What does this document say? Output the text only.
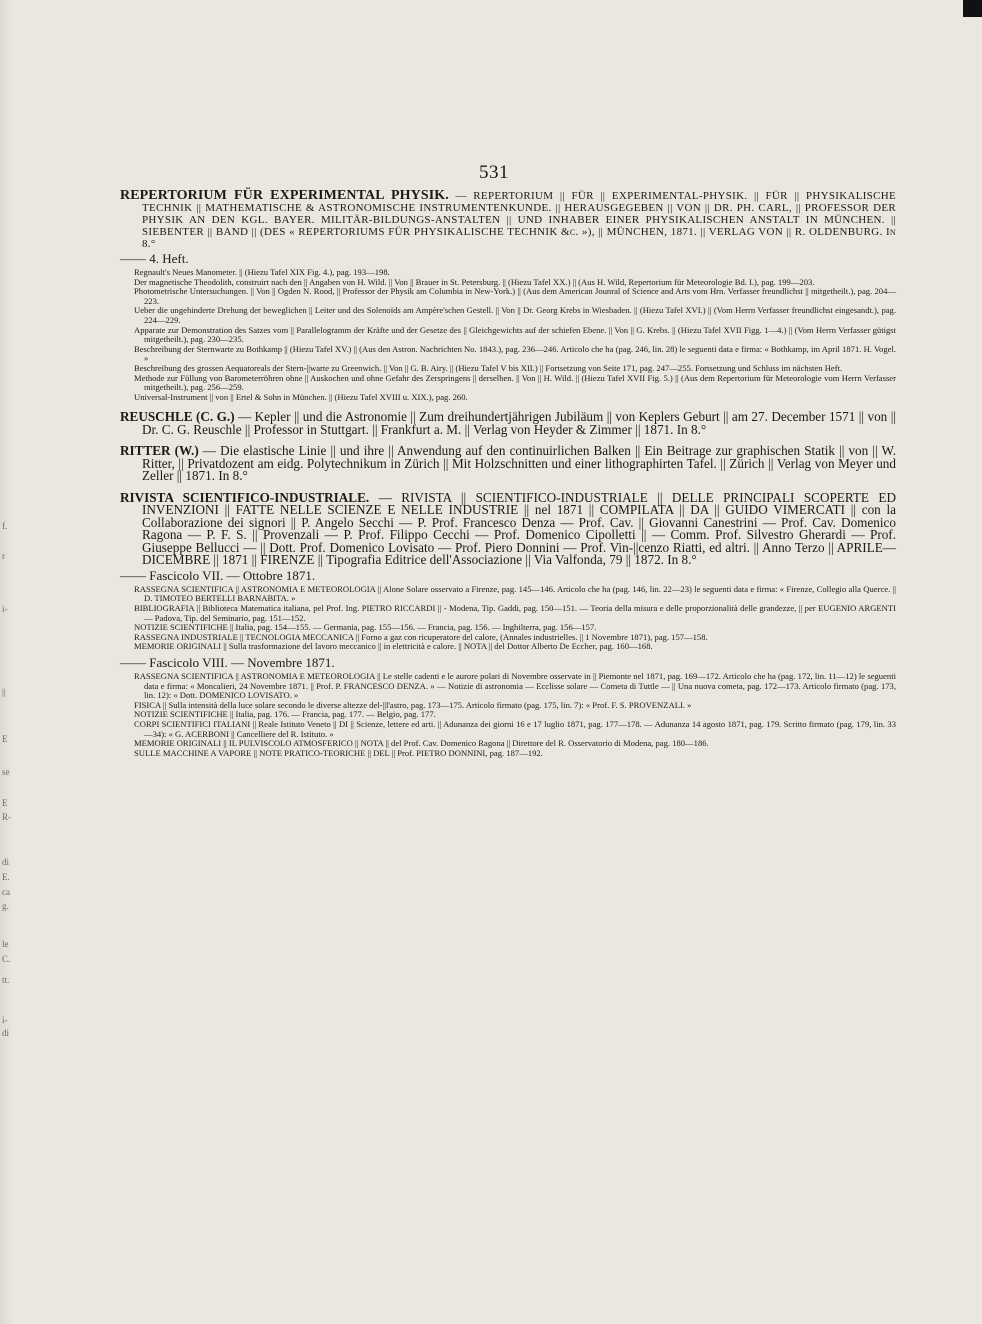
f.
r
i-
||
E
se
E
R-
di
E.
ca
g.
le
C.
tt.
i-
di
531

REPERTORIUM FÜR EXPERIMENTAL PHYSIK. — REPERTORIUM || FÜR || EXPERIMENTAL-PHYSIK. || FÜR || PHYSIKALISCHE TECHNIK || MATHEMATISCHE & ASTRONOMISCHE INSTRUMENTENKUNDE. || HERAUSGEGEBEN || VON || DR. PH. CARL, || PROFESSOR DER PHYSIK AN DEN KGL. BAYER. MILITÄR-BILDUNGS-ANSTALTEN || UND INHABER EINER PHYSIKALISCHEN ANSTALT IN MÜNCHEN. || SIEBENTER || BAND || (DES « REPERTORIUMS FÜR PHYSIKALISCHE TECHNIK &c. »), || MÜNCHEN, 1871. || VERLAG VON || R. OLDENBURG. In 8.°

—— 4. Heft.

Regnault's Neues Manometer. || (Hiezu Tafel XIX Fig. 4.), pag. 193—198.

Der magnetische Theodolith, construirt nach den || Angaben von H. Wild. || Von || Brauer in St. Petersburg. || (Hiezu Tafel XX.) || (Aus H. Wild, Repertorium für Meteorologie Bd. I.), pag. 199—203.

Photometrische Untersuchungen. || Von || Ogden N. Rood, || Professor der Physik am Columbia in New-York.) || (Aus dem American Jounral of Science and Arts vom Hrn. Verfasser freundlichst || mitgetheilt.), pag. 204—223.

Ueber die ungehinderte Drehung der beweglichen || Leiter und des Solenoïds am Ampère'schen Gestell. || Von || Dr. Georg Krebs in Wiesbaden. || (Hiezu Tafel XVI.) || (Vom Herrn Verfasser freundlichst eingesandt.), pag. 224—229.

Apparate zur Demonstration des Satzes vom || Parallelogramm der Kräfte und der Gesetze des || Gleichgewichts auf der schiefen Ebene. || Von || G. Krebs. || (Hiezu Tafel XVII Figg. 1—4.) || (Vom Herrn Verfasser gütigst mitgetheilt.), pag. 230—235.

Beschreibung der Sternwarte zu Bothkamp || (Hiezu Tafel XV.) || (Aus den Astron. Nachrichten No. 1843.), pag. 236—246. Articolo che ha (pag. 246, lin. 28) le seguenti data e firma: « Bothkamp, im April 1871. H. Vogel. »

Beschreibung des grossen Aequatoreals der Stern-||warte zu Greenwich. || Von || G. B. Airy. || (Hiezu Tafel V bis XII.) || Fortsetzung von Seite 171, pag. 247—255. Fortsetzung und Schluss im nächsten Heft.

Methode zur Füllung von Barometerröhren ohne || Auskochen und ohne Gefahr des Zerspringens || derselben. || Von || H. Wild. || (Hiezu Tafel XVII Fig. 5.) || (Aus dem Repertorium für Meteorologie vom Herrn Verfasser mitgetheilt.), pag. 256—259.

Universal-Instrument || von || Ertel & Sohn in München. || (Hiezu Tafel XVIII u. XIX.), pag. 260.

REUSCHLE (C. G.) — Kepler || und die Astronomie || Zum dreihundertjährigen Jubiläum || von Keplers Geburt || am 27. December 1571 || von || Dr. C. G. Reuschle || Professor in Stuttgart. || Frankfurt a. M. || Verlag von Heyder & Zimmer || 1871. In 8.°

RITTER (W.) — Die elastische Linie || und ihre || Anwendung auf den continuirlichen Balken || Ein Beitrage zur graphischen Statik || von || W. Ritter, || Privatdozent am eidg. Polytechnikum in Zürich || Mit Holzschnitten und einer lithographirten Tafel. || Zürich || Verlag von Meyer und Zeller || 1871. In 8.°

RIVISTA SCIENTIFICO-INDUSTRIALE. — RIVISTA || SCIENTIFICO-INDUSTRIALE || DELLE PRINCIPALI SCOPERTE ED INVENZIONI || FATTE NELLE SCIENZE E NELLE INDUSTRIE || nel 1871 || COMPILATA || DA || GUIDO VIMERCATI || con la Collaborazione dei signori || P. Angelo Secchi — P. Prof. Francesco Denza — Prof. Cav. || Giovanni Canestrini — Prof. Cav. Domenico Ragona — P. F. S. || Provenzali — P. Prof. Filippo Cecchi — Prof. Domenico Cipolletti || — Comm. Prof. Silvestro Gherardi — Prof. Giuseppe Bellucci — || Dott. Prof. Domenico Lovisato — Prof. Piero Donnini — Prof. Vin-||cenzo Riatti, ed altri. || Anno Terzo || APRILE—DICEMBRE || 1871 || FIRENZE || Tipografia Editrice dell'Associazione || Via Valfonda, 79 || 1872. In 8.°

—— Fascicolo VII. — Ottobre 1871.

RASSEGNA SCIENTIFICA || ASTRONOMIA E METEOROLOGIA || Alone Solare osservato a Firenze, pag. 145—146. Articolo che ha (pag. 146, lin. 22—23) le seguenti data e firma: « Firenze, Collegio alla Querce. || D. TIMOTEO BERTELLI BARNABITA. »

BIBLIOGRAFIA || Biblioteca Matematica italiana, pel Prof. Ing. PIETRO RICCARDI || - Modena, Tip. Gaddi, pag. 150—151. — Teoria della misura e delle proporzionalità delle grandezze, || per EUGENIO ARGENTI — Padova, Tip. del Seminario, pag. 151—152.

NOTIZIE SCIENTIFICHE || Italia, pag. 154—155. — Germania, pag. 155—156. — Francia, pag. 156. — Inghilterra, pag. 156—157.

RASSEGNA INDUSTRIALE || TECNOLOGIA MECCANICA || Forno a gaz con ricuperatore del calore, (Annales industrielles. || 1 Novembre 1871), pag. 157—158.

MEMORIE ORIGINALI || Sulla trasformazione del lavoro meccanico || in elettricità e calore. || NOTA || del Dottor Alberto De Eccher, pag. 160—168.

—— Fascicolo VIII. — Novembre 1871.

RASSEGNA SCIENTIFICA || ASTRONOMIA E METEOROLOGIA || Le stelle cadenti e le aurore polari di Novembre osservate in || Piemonte nel 1871, pag. 169—172. Articolo che ha (pag. 172, lin. 11—12) le seguenti data e firma: « Moncalieri, 24 Novembre 1871. || Prof. P. FRANCESCO DENZA. » — Notizie di astronomia — Ecclisse solare — Cometa di Tuttle — || Una nuova cometa, pag. 172—173. Articolo firmato (pag. 173, lin. 12): « Dott. DOMENICO LOVISATO. »

FISICA || Sulla intensità della luce solare secondo le diverse altezze del-||l'astro, pag. 173—175. Articolo firmato (pag. 175, lin. 7): « Prof. F. S. PROVENZALI. »

NOTIZIE SCIENTIFICHE || Italia, pag. 176. — Francia, pag. 177. — Belgio, pag. 177.

CORPI SCIENTIFICI ITALIANI || Reale Istituto Veneto || DI || Scienze, lettere ed arti. || Adunanza dei giorni 16 e 17 luglio 1871, pag. 177—178. — Adunanza 14 agosto 1871, pag. 179. Scritto firmato (pag. 179, lin. 33—34): « G. ACERBONI || Cancelliere del R. Istituto. »

MEMORIE ORIGINALI || IL PULVISCOLO ATMOSFERICO || NOTA || del Prof. Cav. Domenico Ragona || Direttore del R. Osservatorio di Modena, pag. 180—186.

SULLE MACCHINE A VAPORE || NOTE PRATICO-TEORICHE || DEL || Prof. PIETRO DONNINI, pag. 187—192.
